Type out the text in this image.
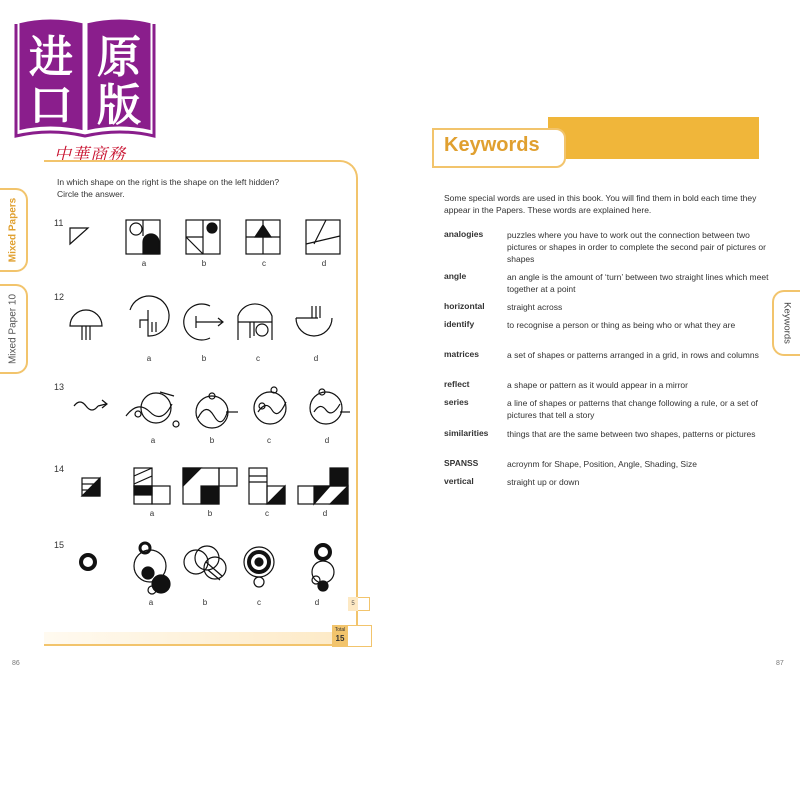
进 原
口 版
中華商務
Mixed Papers
Mixed Paper 10
In which shape on the right is the shape on the left hidden?
Circle the answer.
11
12
13
14
15
a	b	c	d
a	b	c	d
a	b	c	d
a	b	c	d
a	b	c	d	5
Total
15
86	87
Keywords
Keywords
Some special words are used in this book. You will find them in bold each time they appear in the Papers. These words are explained here.
analogies	puzzles where you have to work out the connection between two pictures or shapes in order to complete the second pair of pictures or shapes
angle	an angle is the amount of ‘turn’ between two straight lines which meet together at a point
horizontal	straight across
identify	to recognise a person or thing as being who or what they are
matrices	a set of shapes or patterns arranged in a grid, in rows and columns
reflect	a shape or pattern as it would appear in a mirror
series	a line of shapes or patterns that change following a rule, or a set of pictures that tell a story
similarities things that are the same between two shapes, patterns or pictures
SPANSS	acroynm for Shape, Position, Angle, Shading, Size
vertical	straight up or down
